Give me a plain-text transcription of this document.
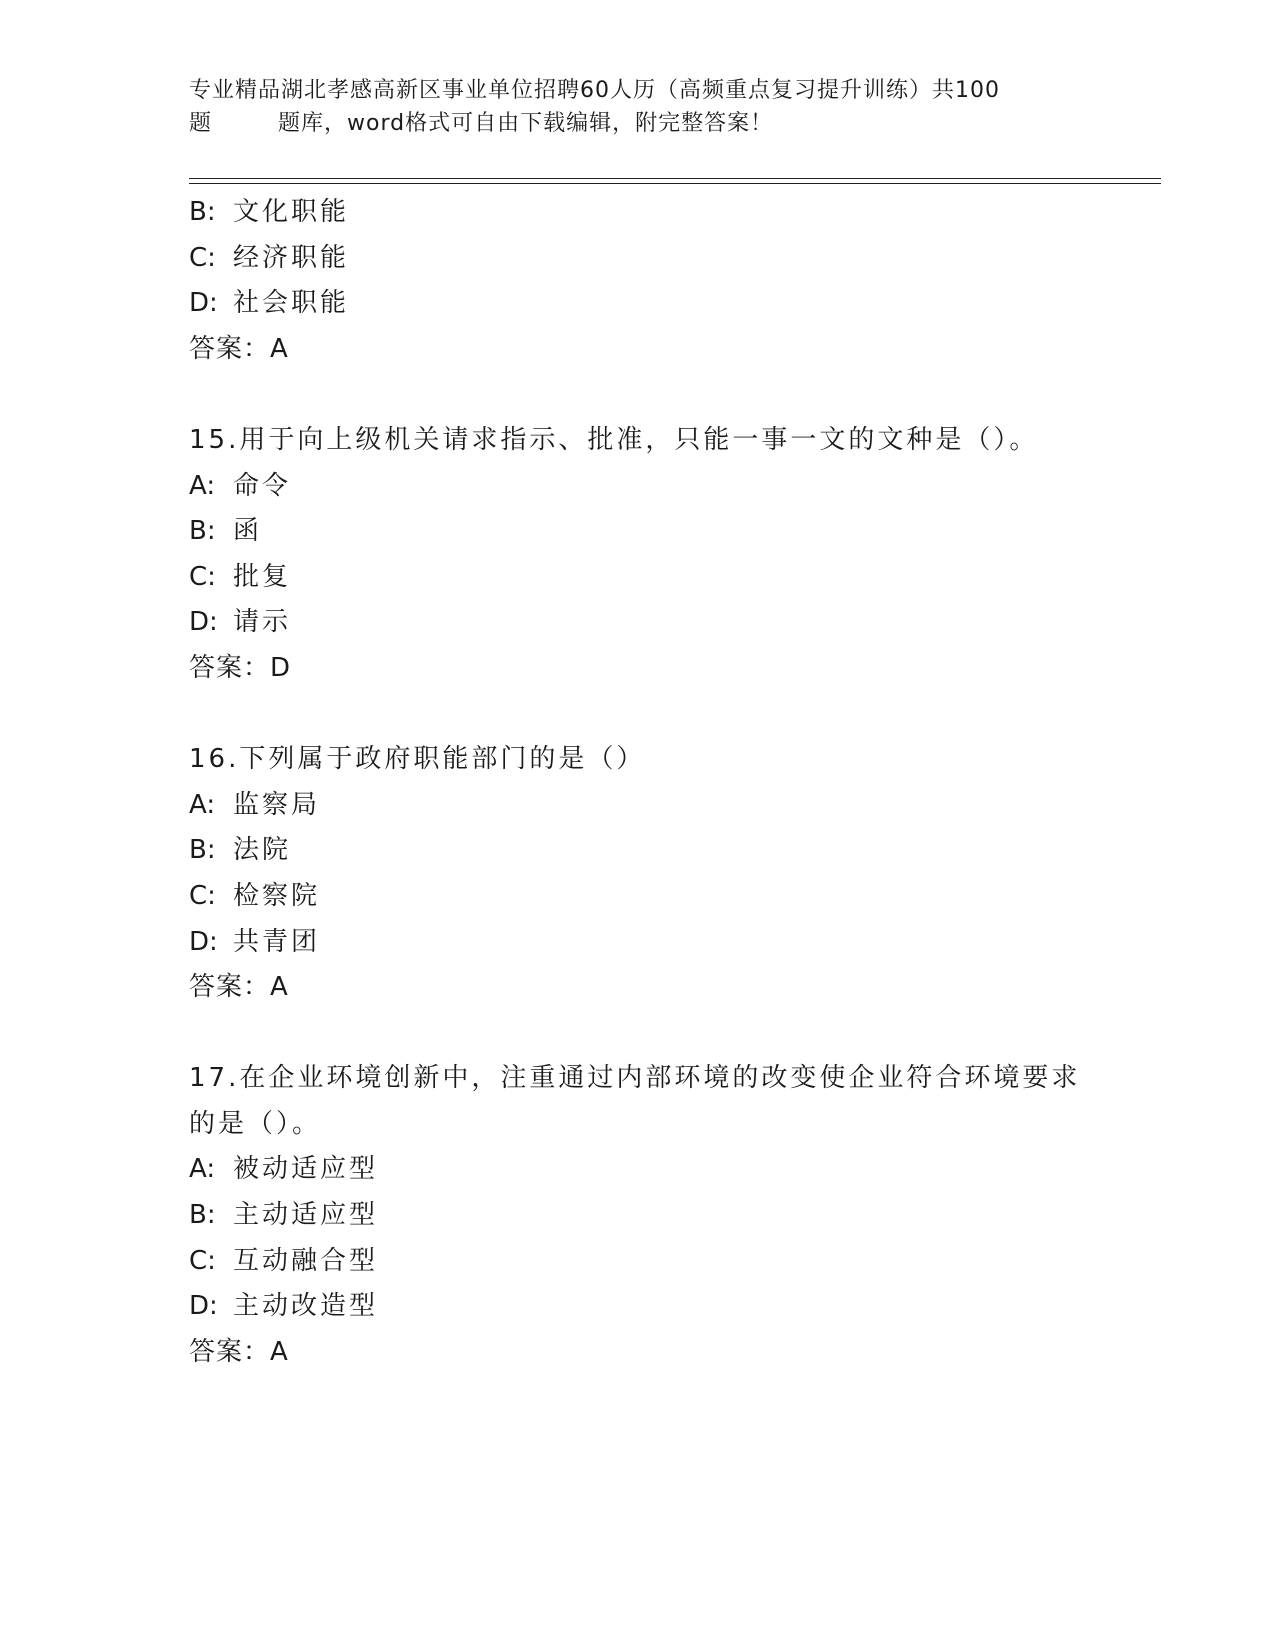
专业精品湖北孝感高新区事业单位招聘60人历（高频重点复习提升训练）共100
题	题库，word格式可自由下载编辑，附完整答案！
B: 文化职能
C: 经济职能
D: 社会职能
答案：A
15.用于向上级机关请求指示、批准，只能一事一文的文种是（）。
A: 命令
B: 函
C: 批复
D: 请示
答案：D
16.下列属于政府职能部门的是（）
A: 监察局
B: 法院
C: 检察院
D: 共青团
答案：A
17.在企业环境创新中，注重通过内部环境的改变使企业符合环境要求
的是（）。
A: 被动适应型
B: 主动适应型
C: 互动融合型
D: 主动改造型
答案：A
